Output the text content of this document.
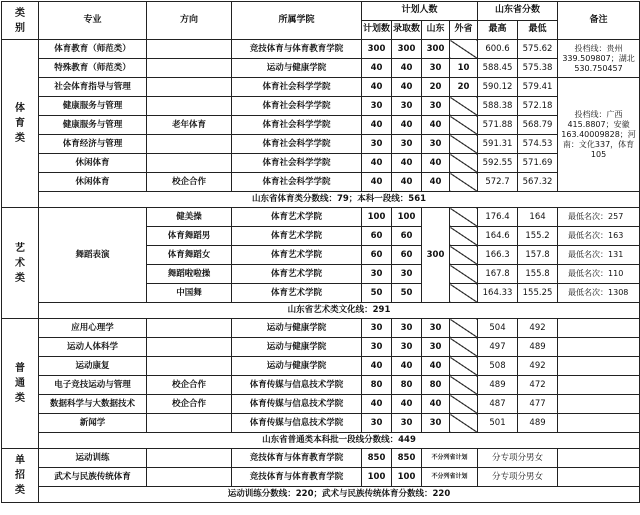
类
别	专业	方向	所属学院	计划人数				山东省分数		备注
				计划数	录取数	山东	外省	最高	最低	
体
育
类	体育教育（师范类）		竞技体育与体育教育学院	300	300	300		600.6	575.62	投档线：贵州339.509807；湖北530.750457
	特殊教育（师范类）		运动与健康学院	40	40	30	10	588.45	575.38	
	社会体育指导与管理		体育社会科学学院	40	40	20	20	590.12	579.41	投档线：广西415.8807；安徽163.40009828；河南：文化337，体育105
	健康服务与管理		体育社会科学学院	30	30	30		588.38	572.18	
	健康服务与管理	老年体育	体育社会科学学院	40	40	40		571.88	568.79	
	体育经济与管理		体育社会科学学院	30	30	30		591.31	574.53	
	休闲体育		体育社会科学学院	40	40	40		592.55	571.69	
	休闲体育	校企合作	体育社会科学学院	40	40	40		572.7	567.32	
	山东省体育类分数线：79；本科一段线：561									
艺
术
类	舞蹈表演	健美操	体育艺术学院	100	100	300		176.4	164	最低名次：257
		体育舞蹈男	体育艺术学院	60	60			164.6	155.2	最低名次：163
		体育舞蹈女	体育艺术学院	60	60			166.3	157.8	最低名次：131
		舞蹈啦啦操	体育艺术学院	30	30			167.8	155.8	最低名次：110
		中国舞	体育艺术学院	50	50			164.33	155.25	最低名次：1308
	山东省艺术类文化线：291									
普
通
类	应用心理学		运动与健康学院	30	30	30		504	492	
	运动人体科学		运动与健康学院	30	30	30		497	489	
	运动康复		运动与健康学院	40	40	40		508	492	
	电子竞技运动与管理	校企合作	体育传媒与信息技术学院	80	80	80		489	472	
	数据科学与大数据技术	校企合作	体育传媒与信息技术学院	40	40	40		487	477	
	新闻学		体育传媒与信息技术学院	30	30	30		501	489	
	山东省普通类本科批一段线分数线：449									
单
招
类	运动训练		竞技体育与体育教育学院	850	850	不分列省计划		分专项分男女		
	武术与民族传统体育		竞技体育与体育教育学院	100	100	不分列省计划		分专项分男女		
	运动训练分数线：220；武术与民族传统体育分数线：220									
